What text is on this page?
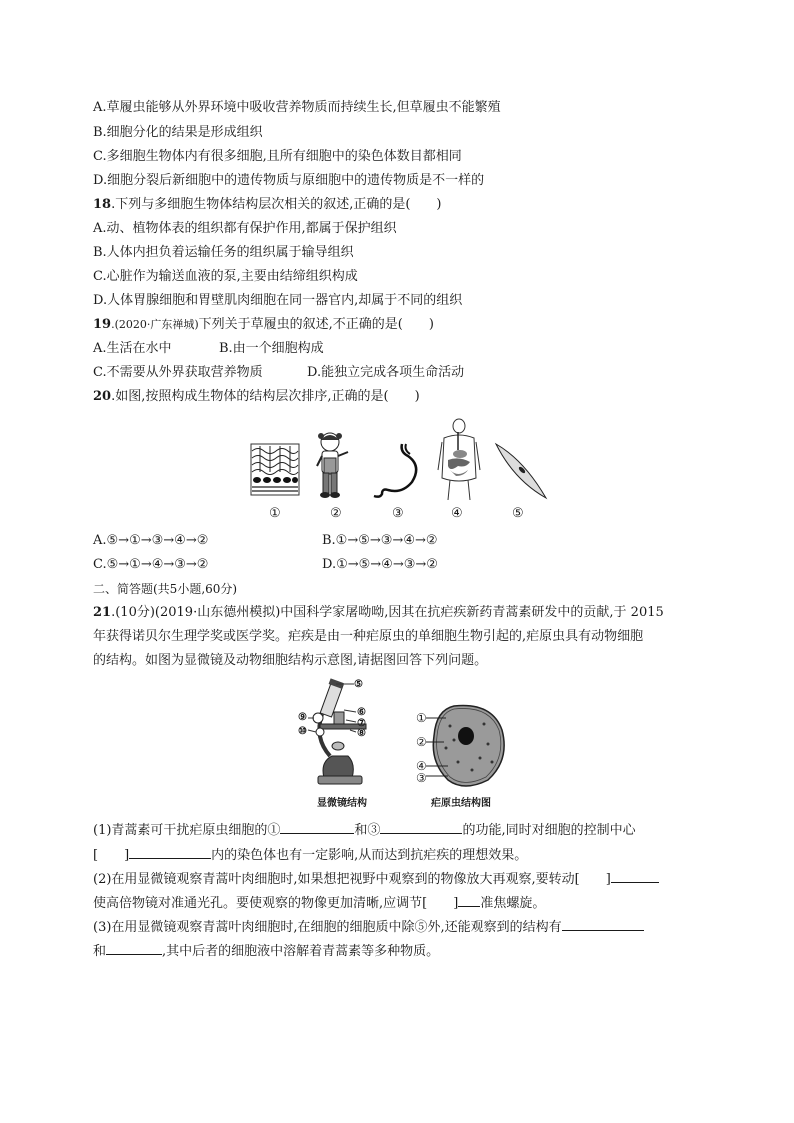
A.草履虫能够从外界环境中吸收营养物质而持续生长,但草履虫不能繁殖
B.细胞分化的结果是形成组织
C.多细胞生物体内有很多细胞,且所有细胞中的染色体数目都相同
D.细胞分裂后新细胞中的遗传物质与原细胞中的遗传物质是不一样的
18.下列与多细胞生物体结构层次相关的叙述,正确的是(　　)
A.动、植物体表的组织都有保护作用,都属于保护组织
B.人体内担负着运输任务的组织属于输导组织
C.心脏作为输送血液的泵,主要由结缔组织构成
D.人体胃腺细胞和胃壁肌肉细胞在同一器官内,却属于不同的组织
19.(2020·广东禅城)下列关于草履虫的叙述,不正确的是(　　)
A.生活在水中	B.由一个细胞构成
C.不需要从外界获取营养物质	D.能独立完成各项生命活动
20.如图,按照构成生物体的结构层次排序,正确的是(　　)
①	②	③	④	⑤
A.⑤→①→③→④→②	B.①→⑤→③→④→②
C.⑤→①→④→③→②	D.①→⑤→④→③→②
二、简答题(共5小题,60分)
21.(10分)(2019·山东德州模拟)中国科学家屠呦呦,因其在抗疟疾新药青蒿素研发中的贡献,于 2015
年获得诺贝尔生理学奖或医学奖。疟疾是由一种疟原虫的单细胞生物引起的,疟原虫具有动物细胞
的结构。如图为显微镜及动物细胞结构示意图,请据图回答下列问题。
⑤
⑥
⑦
⑧
⑨
⑩
显微镜结构
①
②
④
③
疟原虫结构图
(1)青蒿素可干扰疟原虫细胞的①	和③	的功能,同时对细胞的控制中心
[　　]	内的染色体也有一定影响,从而达到抗疟疾的理想效果。
(2)在用显微镜观察青蒿叶肉细胞时,如果想把视野中观察到的物像放大再观察,要转动[　　 ]
使高倍物镜对准通光孔。要使观察的物像更加清晰,应调节[　　 ] 准焦螺旋。
(3)在用显微镜观察青蒿叶肉细胞时,在细胞的细胞质中除⑤外,还能观察到的结构有
和	,其中后者的细胞液中溶解着青蒿素等多种物质。
